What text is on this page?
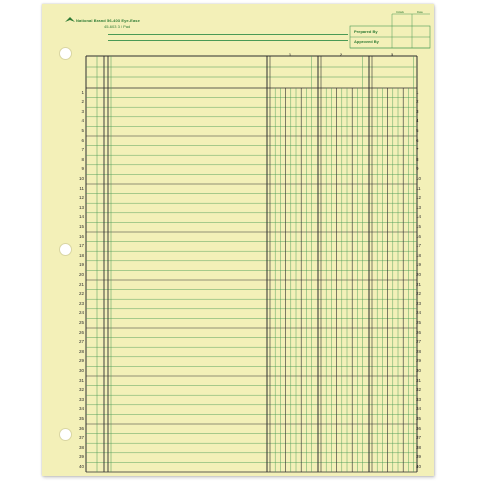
National Brand 56-403 Eye-Ease
45-603 3 / Pad
Initials	Date
Prepared By
Approved By
1	2	3
1	1
2	2
3	3
4	4
5	5
6	6
7	7
8	8
9	9
10	10
11	11
12	12
13	13
14	14
15	15
16	16
17	17
18	18
19	19
20	20
21	21
22	22
23	23
24	24
25	25
26	26
27	27
28	28
29	29
30	30
31	31
32	32
33	33
34	34
35	35
36	36
37	37
38	38
39	39
40	40
